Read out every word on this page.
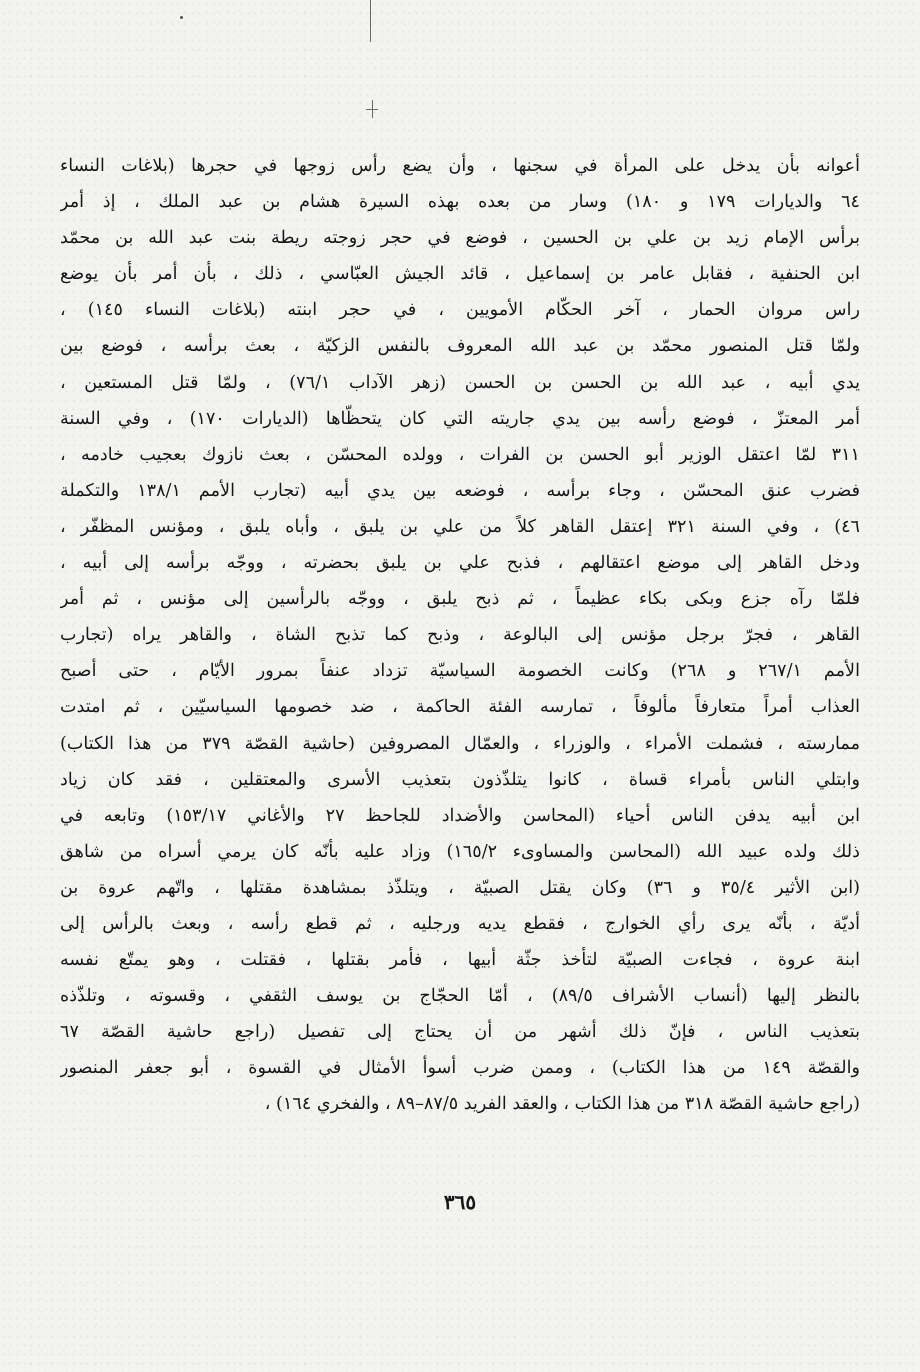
أعوانه بأن يدخل على المرأة في سجنها ، وأن يضع رأس زوجها في حجرها (بلاغات النساء
٦٤ والديارات ١٧٩ و ١٨٠) وسار من بعده بهذه السيرة هشام بن عبد الملك ، إذ أمر
برأس الإمام زيد بن علي بن الحسين ، فوضع في حجر زوجته ريطة بنت عبد الله بن محمّد
ابن الحنفية ، فقابل عامر بن إسماعيل ، قائد الجيش العبّاسي ، ذلك ، بأن أمر بأن يوضع
راس مروان الحمار ، آخر الحكّام الأمويين ، في حجر ابنته (بلاغات النساء ١٤٥) ،
ولمّا قتل المنصور محمّد بن عبد الله المعروف بالنفس الزكيّة ، بعث برأسه ، فوضع بين
يدي أبيه ، عبد الله بن الحسن بن الحسن (زهر الآداب ٧٦/١) ، ولمّا قتل المستعين ،
أمر المعتزّ ، فوضع رأسه بين يدي جاريته التي كان يتحظّاها (الديارات ١٧٠) ، وفي السنة
٣١١ لمّا اعتقل الوزير أبو الحسن بن الفرات ، وولده المحسّن ، بعث نازوك بعجيب خادمه ،
فضرب عنق المحسّن ، وجاء برأسه ، فوضعه بين يدي أبيه (تجارب الأمم ١٣٨/١ والتكملة
٤٦) ، وفي السنة ٣٢١ إعتقل القاهر كلاً من علي بن يلبق ، وأباه يلبق ، ومؤنس المظفّر ،
ودخل القاهر إلى موضع اعتقالهم ، فذبح علي بن يلبق بحضرته ، ووجّه برأسه إلى أبيه ،
فلمّا رآه جزع وبكى بكاء عظيماً ، ثم ذبح يلبق ، ووجّه بالرأسين إلى مؤنس ، ثم أمر
القاهر ، فجرّ برجل مؤنس إلى البالوعة ، وذبح كما تذبح الشاة ، والقاهر يراه (تجارب
الأمم ٢٦٧/١ و ٢٦٨) وكانت الخصومة السياسيّة تزداد عنفاً بمرور الأيّام ، حتى أصبح
العذاب أمراً متعارفاً مألوفاً ، تمارسه الفئة الحاكمة ، ضد خصومها السياسيّين ، ثم امتدت
ممارسته ، فشملت الأمراء ، والوزراء ، والعمّال المصروفين (حاشية القصّة ٣٧٩ من هذا الكتاب)
وابتلي الناس بأمراء قساة ، كانوا يتلذّذون بتعذيب الأسرى والمعتقلين ، فقد كان زياد
ابن أبيه يدفن الناس أحياء (المحاسن والأضداد للجاحظ ٢٧ والأغاني ١٥٣/١٧) وتابعه في
ذلك ولده عبيد الله (المحاسن والمساوىء ١٦٥/٢) وزاد عليه بأنّه كان يرمي أسراه من شاهق
(ابن الأثير ٣٥/٤ و ٣٦) وكان يقتل الصبيّة ، ويتلذّذ بمشاهدة مقتلها ، واتّهم عروة بن
أديّة ، بأنّه يرى رأي الخوارج ، فقطع يديه ورجليه ، ثم قطع رأسه ، وبعث بالرأس إلى
ابنة عروة ، فجاءت الصبيّة لتأخذ جثّة أبيها ، فأمر بقتلها ، فقتلت ، وهو يمتّع نفسه
بالنظر إليها (أنساب الأشراف ٨٩/٥) ، أمّا الحجّاج بن يوسف الثقفي ، وقسوته ، وتلذّذه
بتعذيب الناس ، فإنّ ذلك أشهر من أن يحتاج إلى تفصيل (راجع حاشية القصّة ٦٧
والقصّة ١٤٩ من هذا الكتاب) ، وممن ضرب أسوأ الأمثال في القسوة ، أبو جعفر المنصور
(راجع حاشية القصّة ٣١٨ من هذا الكتاب ، والعقد الفريد ٨٧/٥–٨٩ ، والفخري ١٦٤) ،
٣٦٥
